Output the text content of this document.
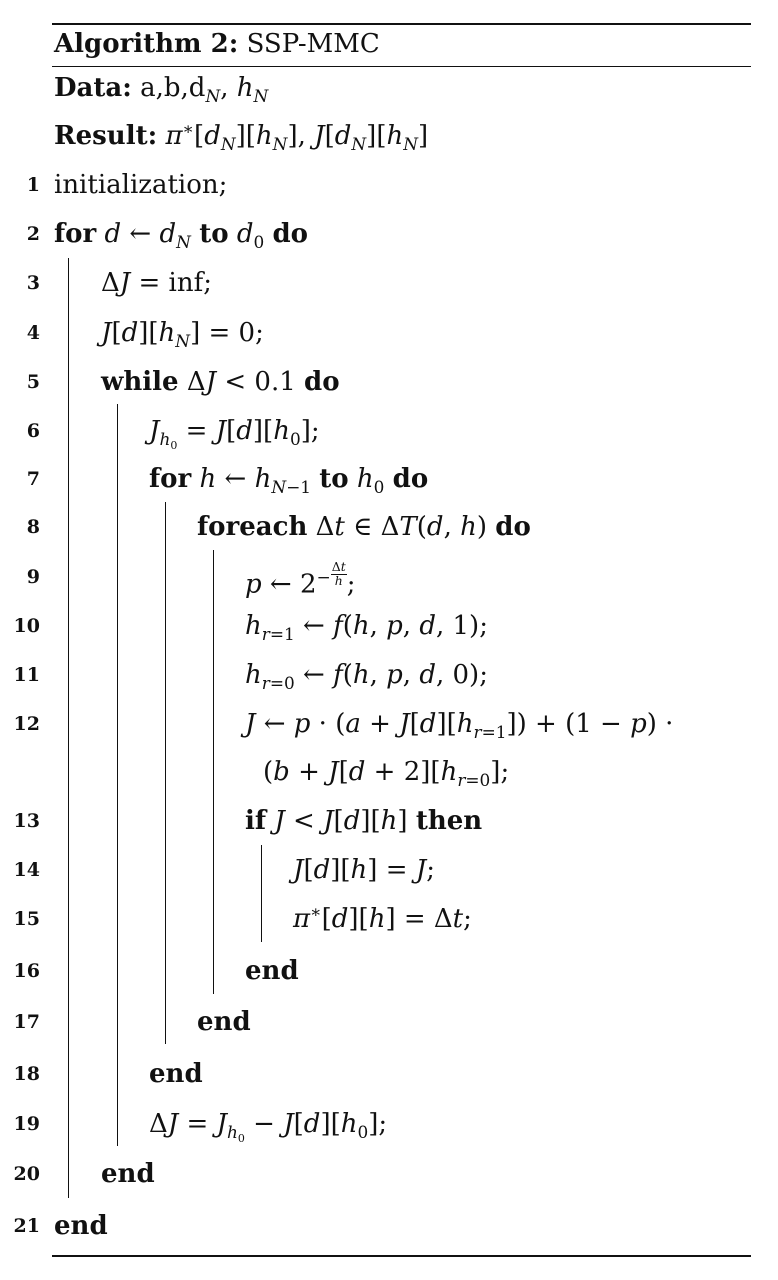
Algorithm 2: SSP-MMC
Data: $a,b,d_N$, $h_N$
Result: $\pi^∗[d_N][h_N]$, $J[d_N][h_N]$
1
2
3
4
5
6
7
8
9
10
11
12
13
14
15
16
17
18
19
20
21
initialization;
for d ← $d_N$ to $d_0$ do
ΔJ = inf;
$J[d][h_N] = 0$;
while ΔJ < 0.1 do
$J_{h_0} = J[d][h_0]$;
for h ← $h_{N-1}$ to $h_0$ do
foreach Δt ∈ ΔT(d, h) do
p ← $2^- \frac{\Delta t}{h}$ ;
$h_{r=1}$ ← f(h, p, d, 1);
$h_{r=0}$ ← f(h, p, d, 0);
J ← $p \cdot (a + J[d][h_{r=1}]) + (1 - p)$ ·
($b + J[d + 2][h_{r=0}]$;
if J < J[d][h] then
J[d][h] = J;
π∗[d][h] = Δt;
end
end
end
$\Delta J = J_{h_0} - J[d][h_0]$;
end
end
